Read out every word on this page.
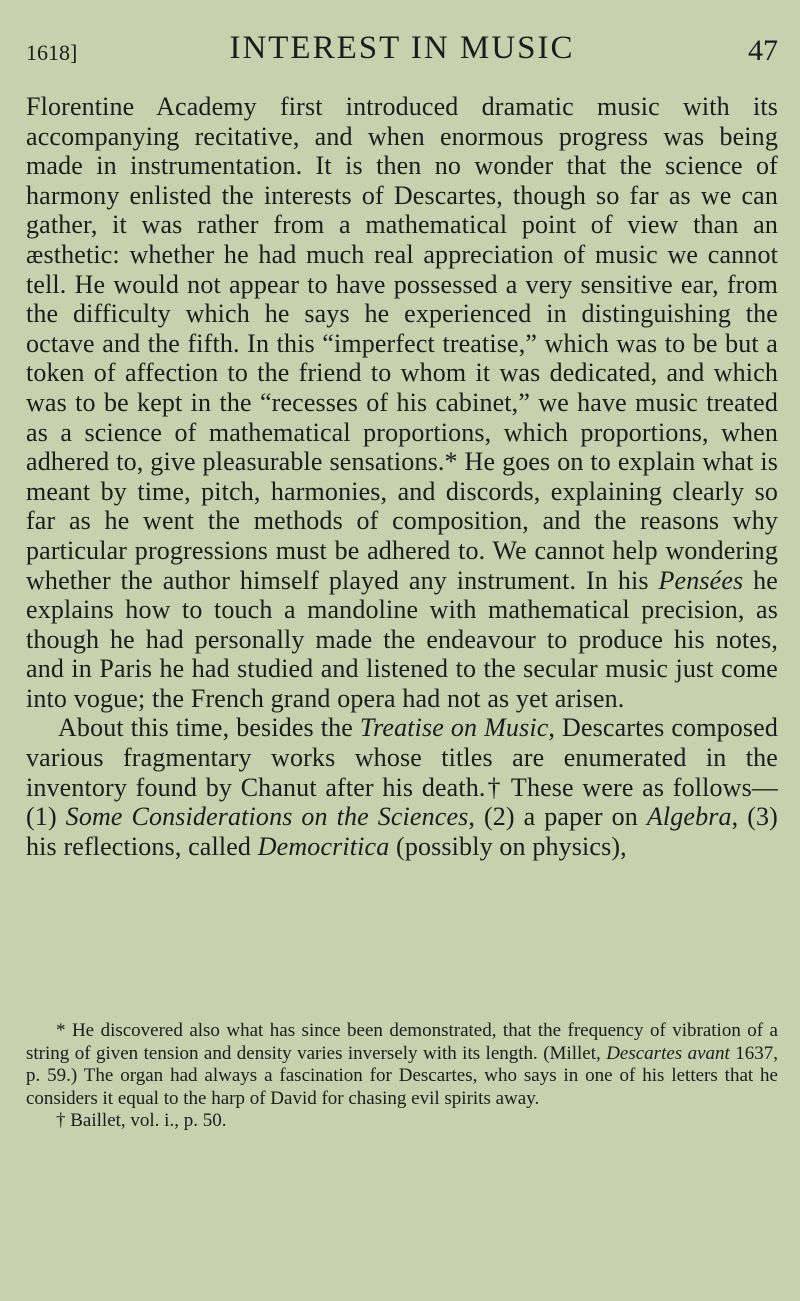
1618]	INTEREST IN MUSIC	47

Florentine Academy first introduced dramatic music with its accompanying recitative, and when enormous progress was being made in instrumentation. It is then no wonder that the science of harmony enlisted the interests of Descartes, though so far as we can gather, it was rather from a mathematical point of view than an æsthetic: whether he had much real appreciation of music we cannot tell. He would not appear to have possessed a very sensitive ear, from the difficulty which he says he experienced in distinguishing the octave and the fifth. In this “imperfect treatise,” which was to be but a token of affection to the friend to whom it was dedicated, and which was to be kept in the “recesses of his cabinet,” we have music treated as a science of mathematical proportions, which proportions, when adhered to, give pleasurable sensations.* He goes on to explain what is meant by time, pitch, harmonies, and discords, explaining clearly so far as he went the methods of composition, and the reasons why particular progressions must be adhered to. We cannot help wondering whether the author himself played any instrument. In his Pensées he explains how to touch a mandoline with mathematical precision, as though he had personally made the endeavour to produce his notes, and in Paris he had studied and listened to the secular music just come into vogue; the French grand opera had not as yet arisen.

About this time, besides the Treatise on Music, Descartes composed various fragmentary works whose titles are enumerated in the inventory found by Chanut after his death.† These were as follows—(1) Some Considerations on the Sciences, (2) a paper on Algebra, (3) his reflections, called Democritica (possibly on physics),

* He discovered also what has since been demonstrated, that the frequency of vibration of a string of given tension and density varies inversely with its length. (Millet, Descartes avant 1637, p. 59.) The organ had always a fascination for Descartes, who says in one of his letters that he considers it equal to the harp of David for chasing evil spirits away.

† Baillet, vol. i., p. 50.
